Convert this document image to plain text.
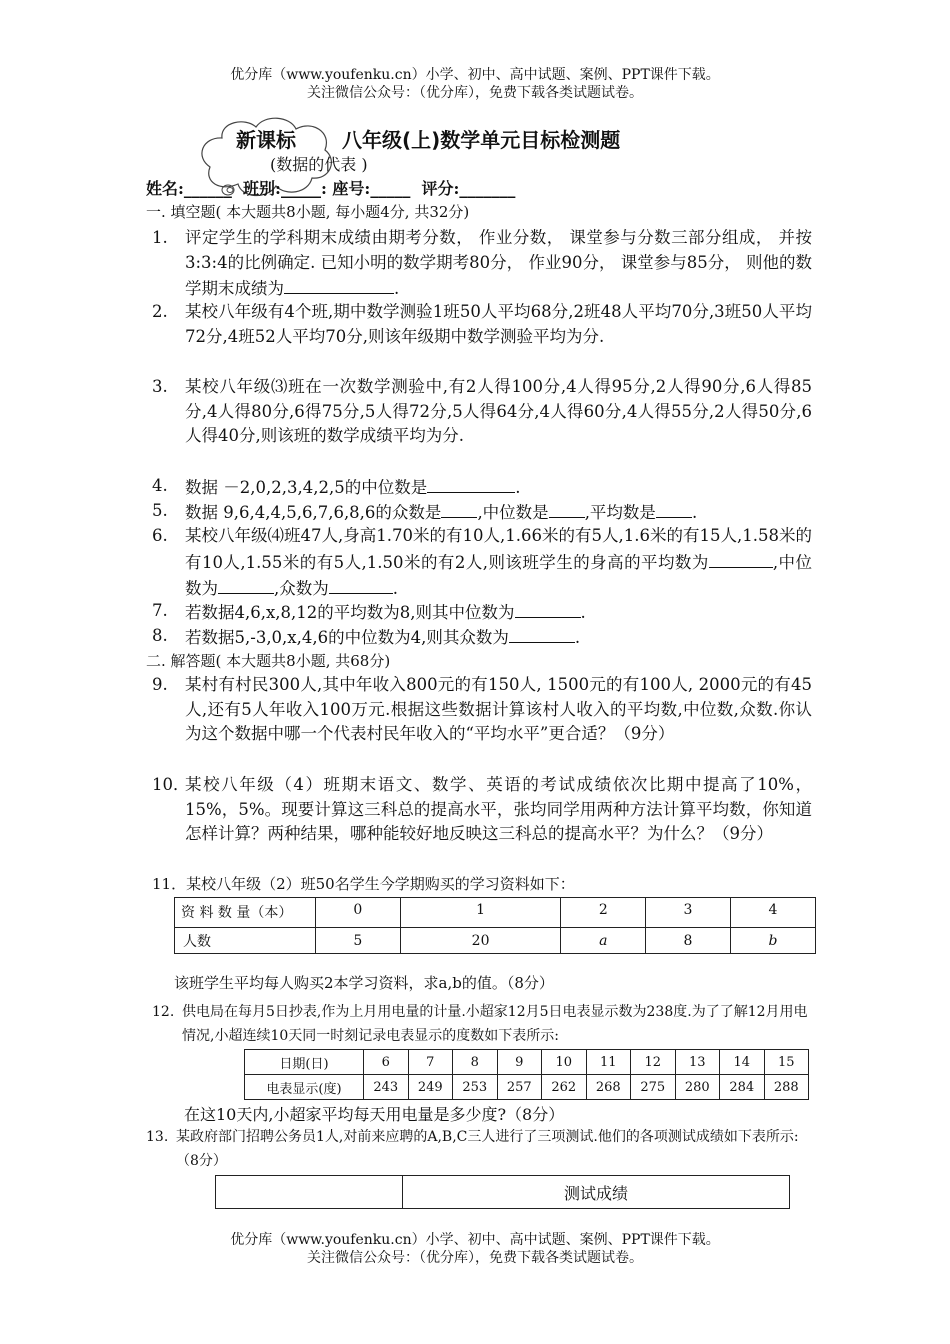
优分库（www.youfenku.cn）小学、初中、高中试题、案例、PPT课件下载。
关注微信公众号：（优分库），免费下载各类试题试卷。
新课标 八年级(上)数学单元目标检测题
(数据的代表 )
姓名:______  班别:_____: 座号:_____  评分:_______
一. 填空题( 本大题共8小题, 每小题4分, 共32分)
1. 评定学生的学科期末成绩由期考分数， 作业分数， 课堂参与分数三部分组成， 并按3:3:4的比例确定. 已知小明的数学期考80分， 作业90分， 课堂参与85分， 则他的数学期末成绩为	.
2. 某校八年级有4个班,期中数学测验1班50人平均68分,2班48人平均70分,3班50人平均72分,4班52人平均70分,则该年级期中数学测验平均为分.
3. 某校八年级⑶班在一次数学测验中,有2人得100分,4人得95分,2人得90分,6人得85分,4人得80分,6得75分,5人得72分,5人得64分,4人得60分,4人得55分,2人得50分,6人得40分,则该班的数学成绩平均为分.
4. 数据 －2,0,2,3,4,2,5的中位数是	.
5. 数据 9,6,4,4,5,6,7,6,8,6的众数是 ,中位数是 ,平均数是 .
6. 某校八年级⑷班47人,身高1.70米的有10人,1.66米的有5人,1.6米的有15人,1.58米的有10人,1.55米的有5人,1.50米的有2人,则该班学生的身高的平均数为	,中位数为	,众数为	.
7. 若数据4,6,x,8,12的平均数为8,则其中位数为	.
8. 若数据5,-3,0,x,4,6的中位数为4,则其众数为	.
二. 解答题( 本大题共8小题, 共68分)
9. 某村有村民300人,其中年收入800元的有150人, 1500元的有100人, 2000元的有45人,还有5人年收入100万元.根据这些数据计算该村人收入的平均数,中位数,众数.你认为这个数据中哪一个代表村民年收入的“平均水平”更合适？（9分）
10．
某校八年级（4）班期末语文、数学、英语的考试成绩依次比期中提高了10%，15%，5%。现要计算这三科总的提高水平，张均同学用两种方法计算平均数，你知道怎样计算？两种结果，哪种能较好地反映这三科总的提高水平？为什么？（9分）
11．某校八年级（2）班50名学生今学期购买的学习资料如下：
资 料 数 量（本）	0	1	2	3	4
人数	5	20	a	8	b
该班学生平均每人购买2本学习资料，求a,b的值。（8分）
12. 供电局在每月5日抄表,作为上月用电量的计量.小超家12月5日电表显示数为238度.为了了解12月用电情况,小超连续10天同一时刻记录电表显示的度数如下表所示:
日期(日)	6	7	8	9	10	11	12	13	14	15
电表显示(度)	243	249	253	257	262	268	275	280	284	288
在这10天内,小超家平均每天用电量是多少度?（8分）
13. 某政府部门招聘公务员1人,对前来应聘的A,B,C三人进行了三项测试.他们的各项测试成绩如下表所示:（8分）
	测试成绩
优分库（www.youfenku.cn）小学、初中、高中试题、案例、PPT课件下载。
关注微信公众号：（优分库），免费下载各类试题试卷。
